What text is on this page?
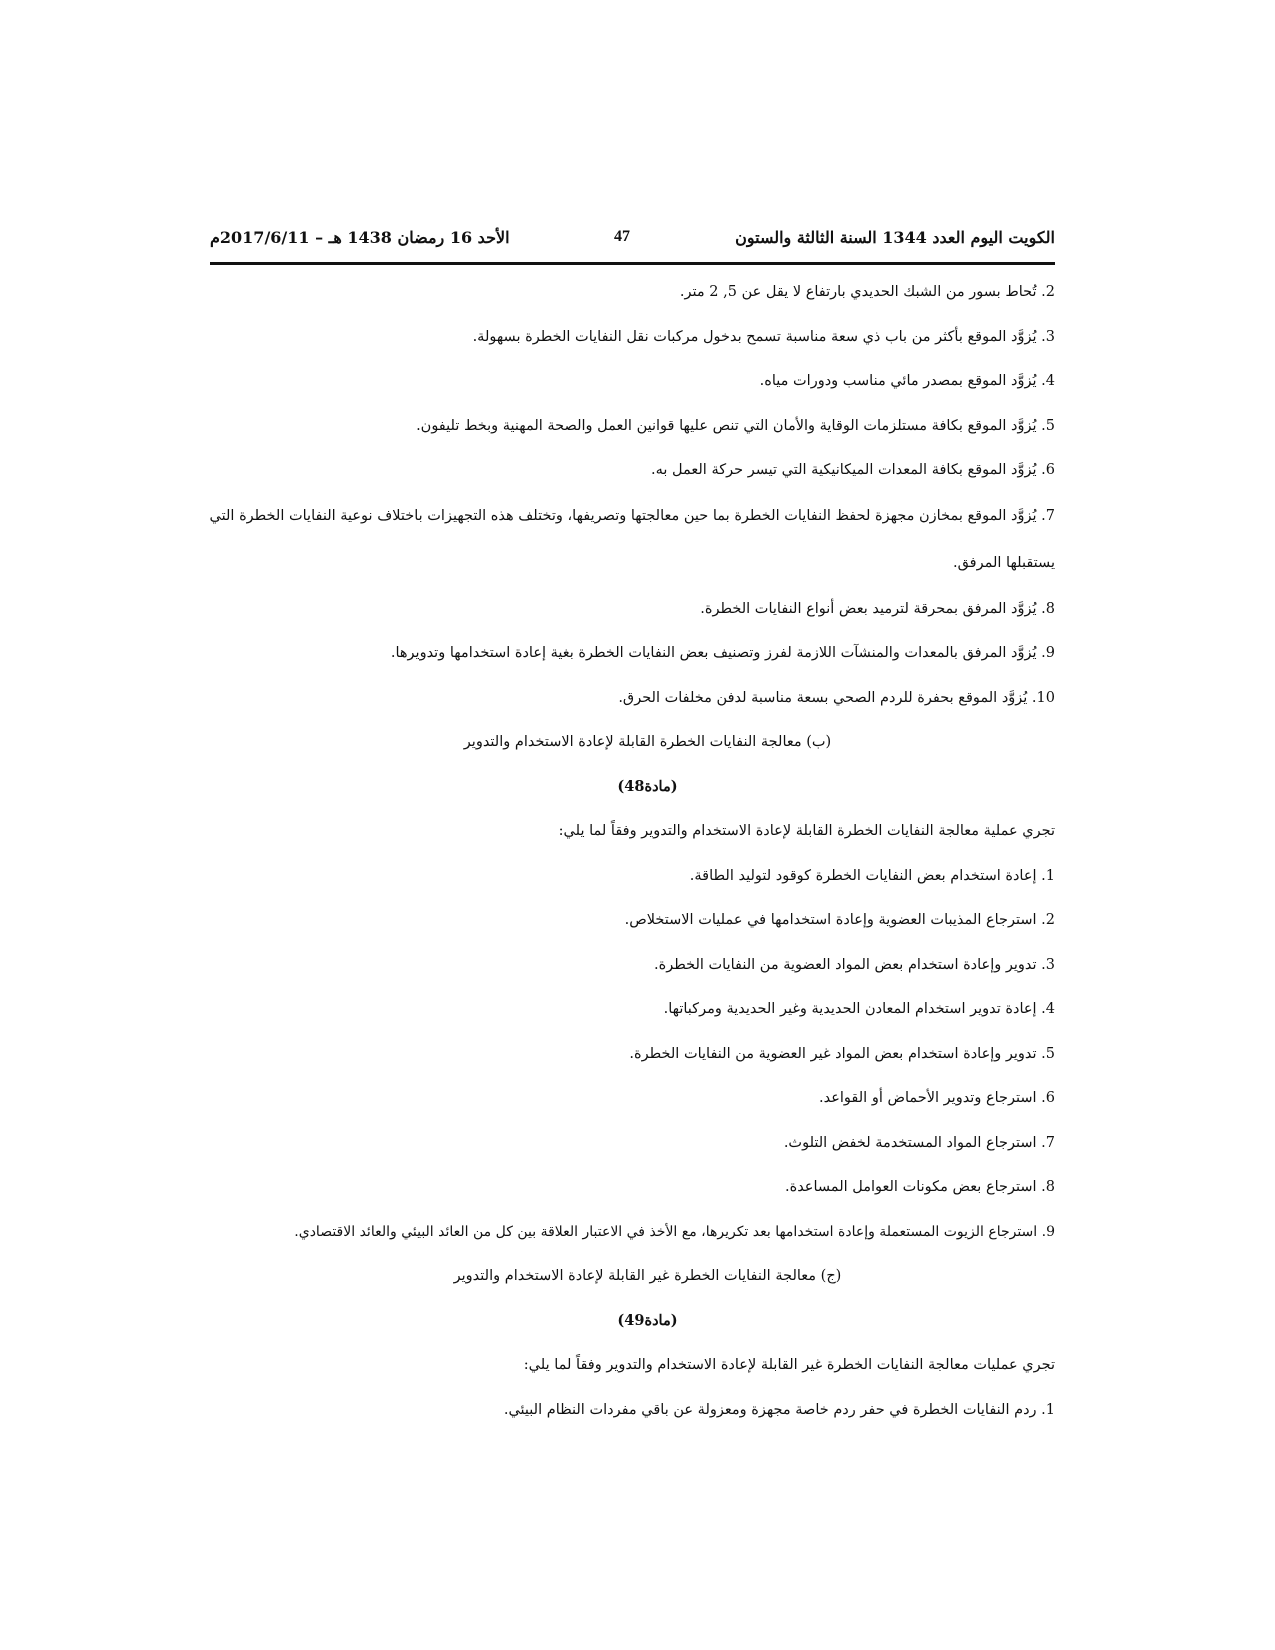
الكويت اليوم العدد 1344 السنة الثالثة والستون
47
الأحد 16 رمضان 1438 هـ – 2017/6/11م
2. تُحاط بسور من الشبك الحديدي بارتفاع لا يقل عن 5, 2 متر.
3. يُزوَّد الموقع بأكثر من باب ذي سعة مناسبة تسمح بدخول مركبات نقل النفايات الخطرة بسهولة.
4. يُزوَّد الموقع بمصدر مائي مناسب ودورات مياه.
5. يُزوَّد الموقع بكافة مستلزمات الوقاية والأمان التي تنص عليها قوانين العمل والصحة المهنية وبخط تليفون.
6. يُزوَّد الموقع بكافة المعدات الميكانيكية التي تيسر حركة العمل به.
7. يُزوَّد الموقع بمخازن مجهزة لحفظ النفايات الخطرة بما حين معالجتها وتصريفها، وتختلف هذه التجهيزات باختلاف نوعية النفايات الخطرة التي يستقبلها المرفق.
8. يُزوَّد المرفق بمحرقة لترميد بعض أنواع النفايات الخطرة.
9. يُزوَّد المرفق بالمعدات والمنشآت اللازمة لفرز وتصنيف بعض النفايات الخطرة بغية إعادة استخدامها وتدويرها.
10. يُزوَّد الموقع بحفرة للردم الصحي بسعة مناسبة لدفن مخلفات الحرق.
(ب) معالجة النفايات الخطرة القابلة لإعادة الاستخدام والتدوير
(مادة48)
تجري عملية معالجة النفايات الخطرة القابلة لإعادة الاستخدام والتدوير وفقاً لما يلي:
1. إعادة استخدام بعض النفايات الخطرة كوقود لتوليد الطاقة.
2. استرجاع المذيبات العضوية وإعادة استخدامها في عمليات الاستخلاص.
3. تدوير وإعادة استخدام بعض المواد العضوية من النفايات الخطرة.
4. إعادة تدوير استخدام المعادن الحديدية وغير الحديدية ومركباتها.
5. تدوير وإعادة استخدام بعض المواد غير العضوية من النفايات الخطرة.
6. استرجاع وتدوير الأحماض أو القواعد.
7. استرجاع المواد المستخدمة لخفض التلوث.
8. استرجاع بعض مكونات العوامل المساعدة.
9. استرجاع الزيوت المستعملة وإعادة استخدامها بعد تكريرها، مع الأخذ في الاعتبار العلاقة بين كل من العائد البيئي والعائد الاقتصادي.
(ج) معالجة النفايات الخطرة غير القابلة لإعادة الاستخدام والتدوير
(مادة49)
تجري عمليات معالجة النفايات الخطرة غير القابلة لإعادة الاستخدام والتدوير وفقاً لما يلي:
1. ردم النفايات الخطرة في حفر ردم خاصة مجهزة ومعزولة عن باقي مفردات النظام البيئي.
